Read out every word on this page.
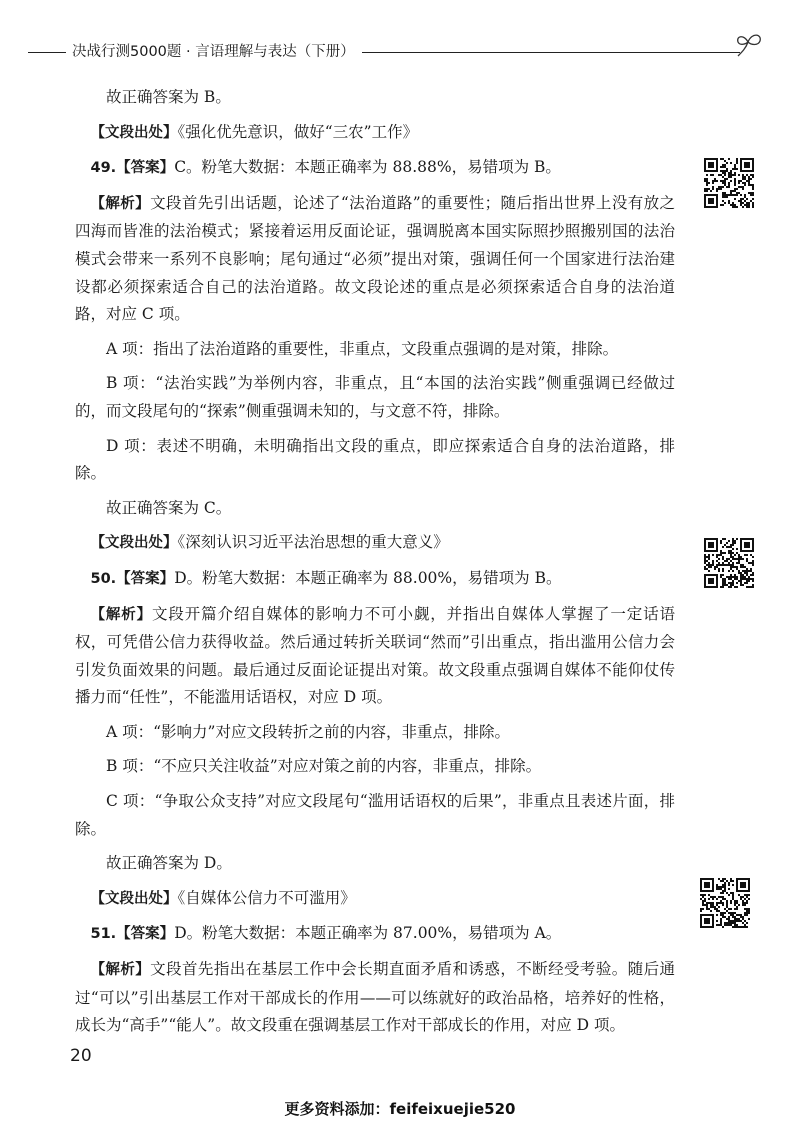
决战行测5000题 · 言语理解与表达（下册）

故正确答案为 B。

【文段出处】《强化优先意识，做好“三农”工作》

49.【答案】C。粉笔大数据：本题正确率为 88.88%，易错项为 B。

【解析】文段首先引出话题，论述了“法治道路”的重要性；随后指出世界上没有放之四海而皆准的法治模式；紧接着运用反面论证，强调脱离本国实际照抄照搬别国的法治模式会带来一系列不良影响；尾句通过“必须”提出对策，强调任何一个国家进行法治建设都必须探索适合自己的法治道路。故文段论述的重点是必须探索适合自身的法治道路，对应 C 项。

A 项：指出了法治道路的重要性，非重点，文段重点强调的是对策，排除。

B 项：“法治实践”为举例内容，非重点，且“本国的法治实践”侧重强调已经做过的，而文段尾句的“探索”侧重强调未知的，与文意不符，排除。

D 项：表述不明确，未明确指出文段的重点，即应探索适合自身的法治道路，排除。

故正确答案为 C。

【文段出处】《深刻认识习近平法治思想的重大意义》

50.【答案】D。粉笔大数据：本题正确率为 88.00%，易错项为 B。

【解析】文段开篇介绍自媒体的影响力不可小觑，并指出自媒体人掌握了一定话语权，可凭借公信力获得收益。然后通过转折关联词“然而”引出重点，指出滥用公信力会引发负面效果的问题。最后通过反面论证提出对策。故文段重点强调自媒体不能仰仗传播力而“任性”，不能滥用话语权，对应 D 项。

A 项：“影响力”对应文段转折之前的内容，非重点，排除。

B 项：“不应只关注收益”对应对策之前的内容，非重点，排除。

C 项：“争取公众支持”对应文段尾句“滥用话语权的后果”，非重点且表述片面，排除。

故正确答案为 D。

【文段出处】《自媒体公信力不可滥用》

51.【答案】D。粉笔大数据：本题正确率为 87.00%，易错项为 A。

【解析】文段首先指出在基层工作中会长期直面矛盾和诱惑，不断经受考验。随后通过“可以”引出基层工作对干部成长的作用——可以练就好的政治品格，培养好的性格，成长为“高手”“能人”。故文段重在强调基层工作对干部成长的作用，对应 D 项。

20
更多资料添加：feifeixuejie520
